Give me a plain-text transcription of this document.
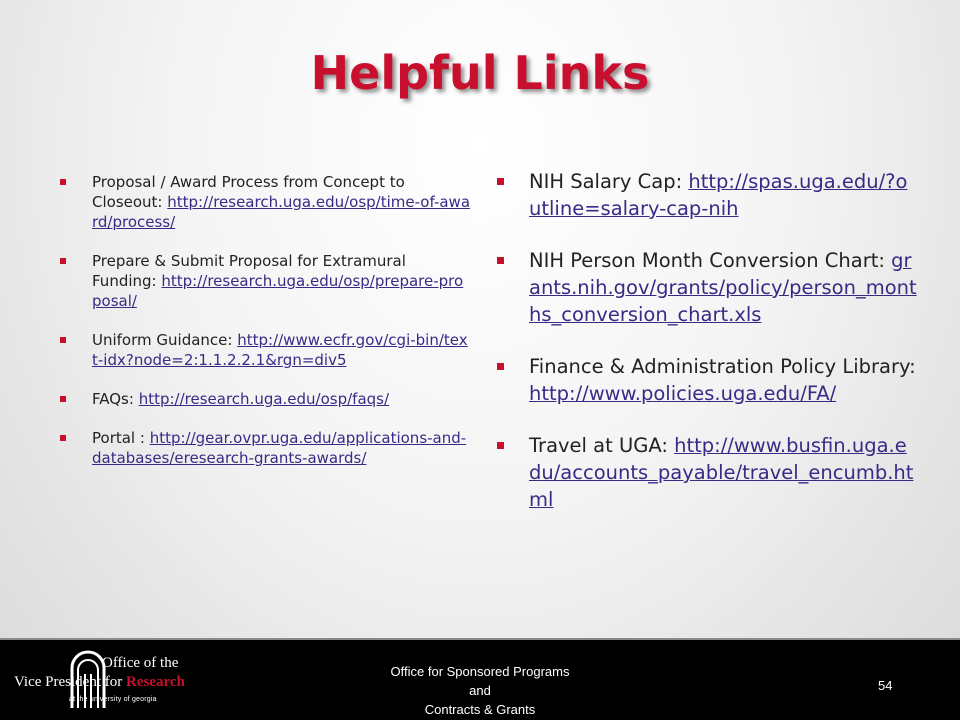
Helpful Links
Proposal / Award Process from Concept to Closeout: http://research.uga.edu/osp/time-of-award/process/
Prepare & Submit Proposal for Extramural Funding: http://research.uga.edu/osp/prepare-proposal/
Uniform Guidance: http://www.ecfr.gov/cgi-bin/text-idx?node=2:1.1.2.2.1&rgn=div5
FAQs: http://research.uga.edu/osp/faqs/
Portal : http://gear.ovpr.uga.edu/applications-and-databases/eresearch-grants-awards/
NIH Salary Cap: http://spas.uga.edu/?outline=salary-cap-nih
NIH Person Month Conversion Chart: grants.nih.gov/grants/policy/person_months_conversion_chart.xls
Finance & Administration Policy Library: http://www.policies.uga.edu/FA/
Travel at UGA: http://www.busfin.uga.edu/accounts_payable/travel_encumb.html
Office of the
Vice President for Research
at the university of georgia
Office for Sponsored Programs
and
Contracts & Grants
54
